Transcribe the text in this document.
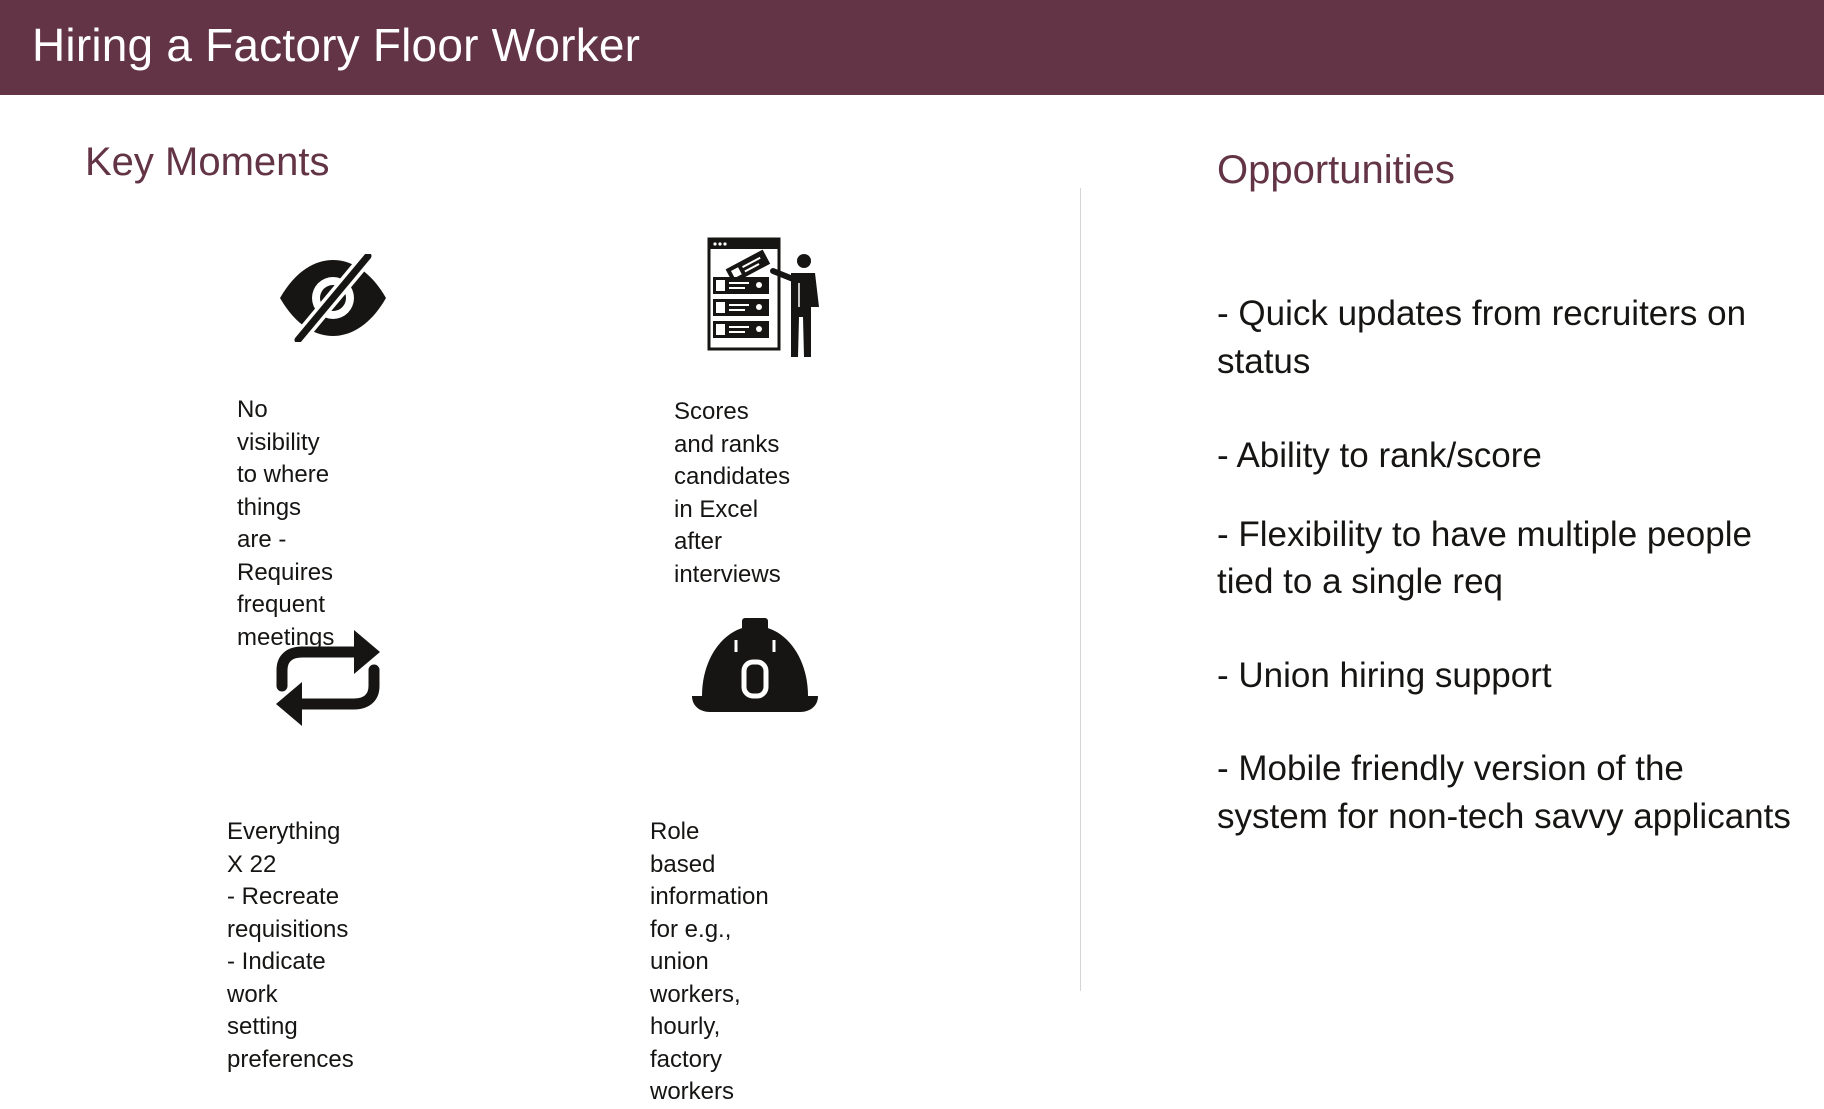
Hiring a Factory Floor Worker
Key Moments	Opportunities
No visibility to where
things are - Requires
frequent meetings
Scores and ranks
candidates in Excel
after interviews
Everything X 22
- Recreate requisitions
- Indicate work setting
preferences
Role based information
for e.g., union workers,
hourly, factory workers
- Quick updates from recruiters on status
- Ability to rank/score
- Flexibility to have multiple people tied to a single req
- Union hiring support
- Mobile friendly version of the system for non-tech savvy applicants
